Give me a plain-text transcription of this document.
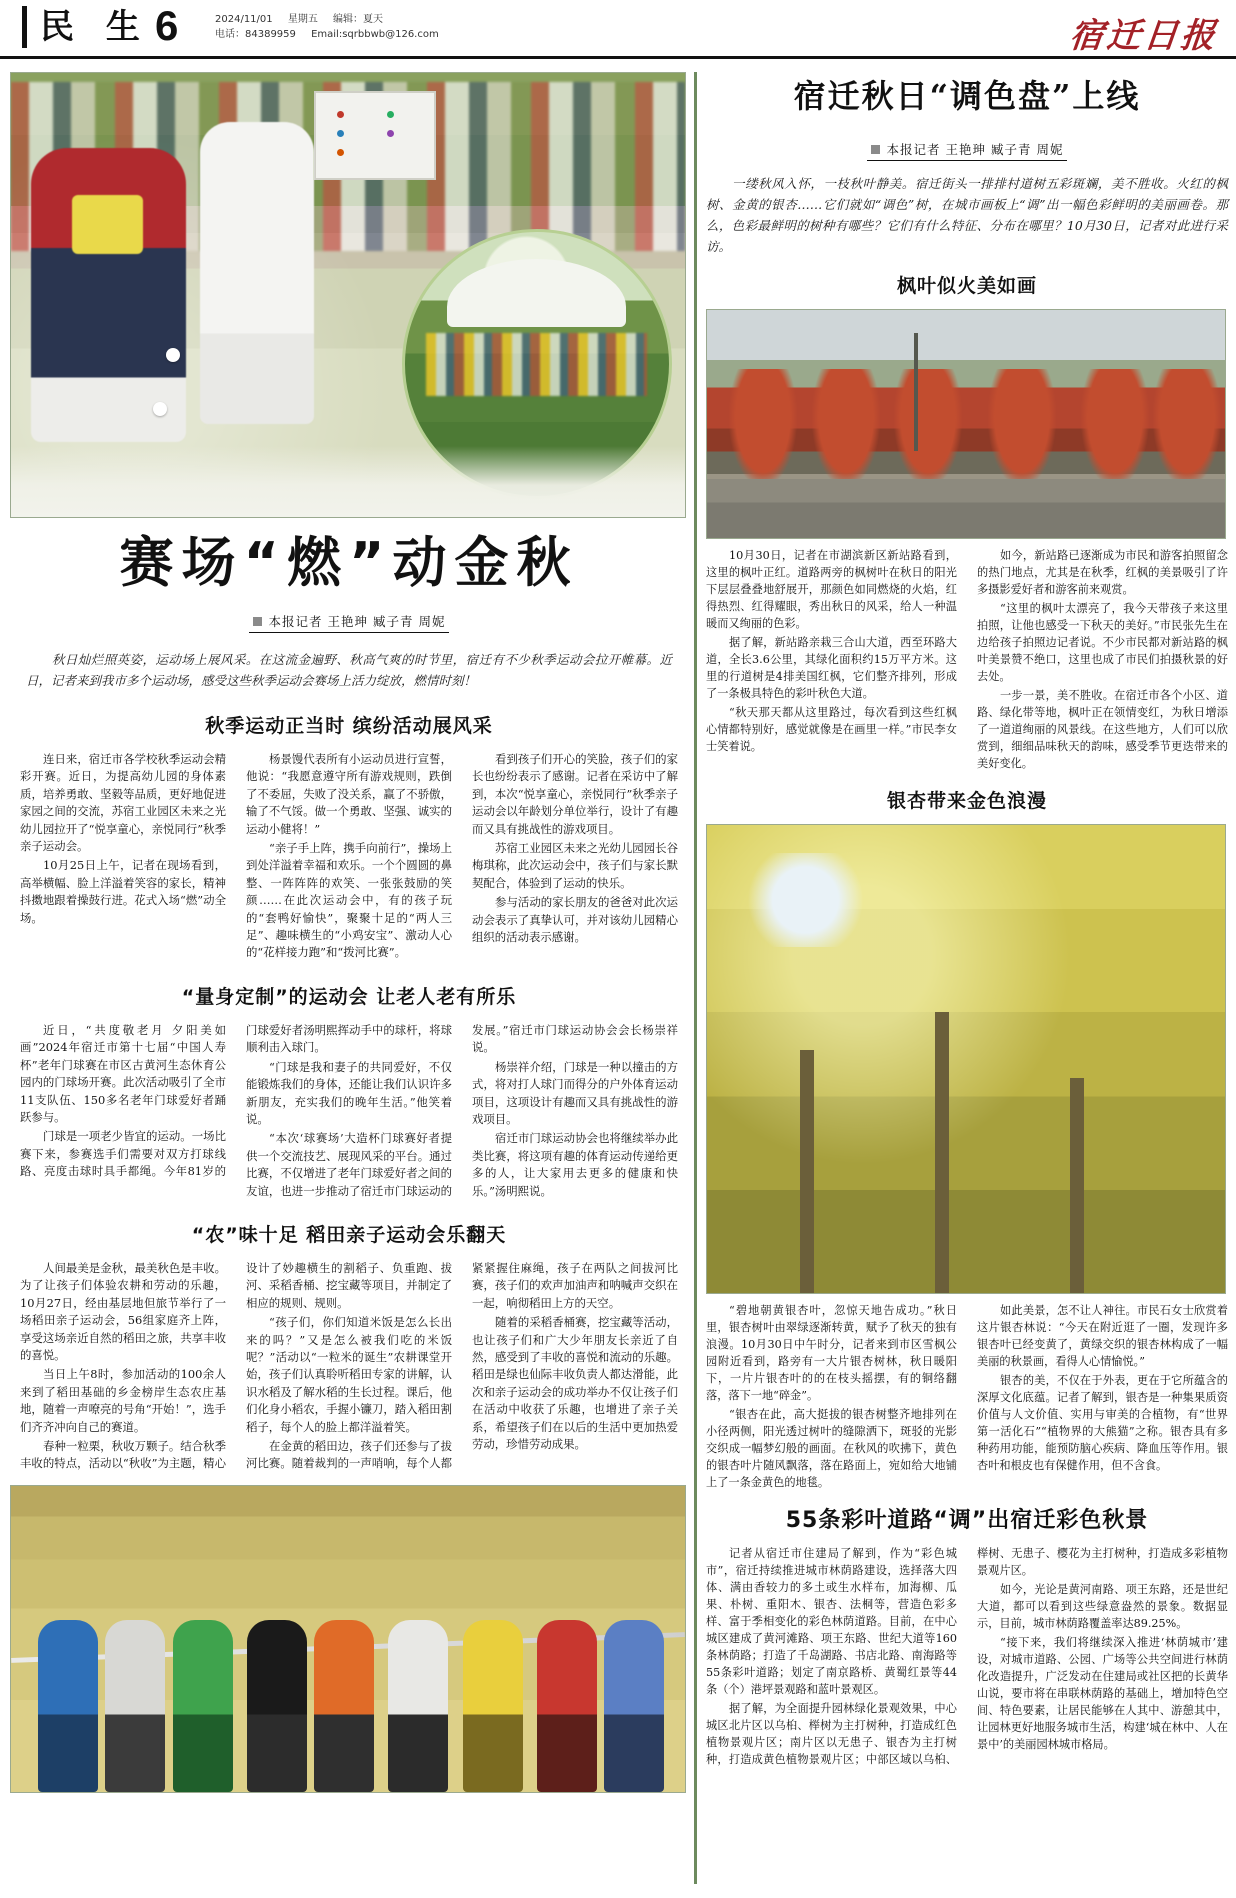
民 生 6	2024/11/01 星期五 编辑：夏天
电话：84389959 Email:sqrbbwb@126.com	宿迁日报
赛场“燃”动金秋
本报记者 王艳珅 臧子青 周妮
秋日灿烂照英姿，运动场上展风采。在这流金遍野、秋高气爽的时节里，宿迁有不少秋季运动会拉开帷幕。近日，记者来到我市多个运动场，感受这些秋季运动会赛场上活力绽放，燃情时刻！
秋季运动正当时 缤纷活动展风采

连日来，宿迁市各学校秋季运动会精彩开赛。近日，为提高幼儿园的身体素质，培养勇敢、坚毅等品质，更好地促进家园之间的交流，苏宿工业园区未来之光幼儿园拉开了“悦享童心，亲悦同行”秋季亲子运动会。

10月25日上午，记者在现场看到，高举横幅、脸上洋溢着笑容的家长，精神抖擞地跟着操鼓行进。花式入场“燃”动全场。

杨景馒代表所有小运动员进行宣誓，他说：“我愿意遵守所有游戏规则，跌倒了不委屈，失败了没关系，赢了不骄傲，输了不气馁。做一个勇敢、坚强、诚实的运动小健将！”

“亲子手上阵，携手向前行”，操场上到处洋溢着幸福和欢乐。一个个圆圆的鼻整、一阵阵阵的欢笑、一张张鼓励的笑颜……在此次运动会中，有的孩子玩的“套鸭好愉快”，聚聚十足的“两人三足”、趣味横生的“小鸡安宝”、激动人心的“花样接力跑”和“拨河比赛”。

看到孩子们开心的笑脸，孩子们的家长也纷纷表示了感谢。记者在采访中了解到，本次“悦享童心，亲悦同行”秋季亲子运动会以年龄划分单位举行，设计了有趣而又具有挑战性的游戏项目。

苏宿工业园区未来之光幼儿园园长谷梅琪称，此次运动会中，孩子们与家长默契配合，体验到了运动的快乐。

参与活动的家长朋友的爸爸对此次运动会表示了真挚认可，并对该幼儿园精心组织的活动表示感谢。

“量身定制”的运动会 让老人老有所乐

近日，“共度敬老月 夕阳美如画”2024年宿迁市第十七届“中国人寿杯”老年门球赛在市区古黄河生态休育公园内的门球场开赛。此次活动吸引了全市11支队伍、150多名老年门球爱好者踊跃参与。

门球是一项老少皆宜的运动。一场比赛下来，参赛选手们需要对双方打球线路、亮度击球时具手都绳。今年81岁的门球爱好者汤明熙挥动手中的球杆，将球顺利击入球门。

“门球是我和妻子的共同爱好，不仅能锻炼我们的身体，还能让我们认识许多新朋友，充实我们的晚年生活。”他笑着说。

“本次‘球赛场’大造杯门球赛好者提供一个交流技艺、展现风采的平台。通过比赛，不仅增进了老年门球爱好者之间的友谊，也进一步推动了宿迁市门球运动的发展。”宿迁市门球运动协会会长杨崇祥说。

杨崇祥介绍，门球是一种以撞击的方式，将对打人球门而得分的户外体育运动项目，这项设计有趣而又具有挑战性的游戏项目。

宿迁市门球运动协会也将继续举办此类比赛，将这项有趣的体育运动传递给更多的人，让大家用去更多的健康和快乐。”汤明熙说。

“农”味十足 稻田亲子运动会乐翻天

人间最美是金秋，最美秋色是丰收。为了让孩子们体验农耕和劳动的乐趣，10月27日，经由基层地但旅节举行了一场稻田亲子运动会，56组家庭齐上阵，享受这场亲近自然的稻田之旅，共享丰收的喜悦。

当日上午8时，参加活动的100余人来到了稻田基础的乡金榜岸生态农庄基地，随着一声嘹亮的号角“开始！”，选手们齐齐冲向自己的赛道。

春种一粒栗，秋收万颗子。结合秋季丰收的特点，活动以“秋收”为主题，精心设计了妙趣横生的割稻子、负重跑、拔河、采稻香桶、挖宝藏等项目，并制定了相应的规则、规则。

“孩子们，你们知道米饭是怎么长出来的吗？”又是怎么被我们吃的米饭呢？”活动以“一粒米的诞生”农耕课堂开始，孩子们认真聆听稻田专家的讲解，认识水稻及了解水稻的生长过程。课后，他们化身小稻农，手握小镰刀，踏入稻田割稻子，每个人的脸上都洋溢着笑。

在金黄的稻田边，孩子们还参与了拔河比赛。随着裁判的一声哨响，每个人都紧紧握住麻绳，孩子在两队之间拔河比赛，孩子们的欢声加油声和呐喊声交织在一起，响彻稻田上方的天空。

随着的采稻香桶赛，挖宝藏等活动，也让孩子们和广大少年朋友长亲近了自然，感受到了丰收的喜悦和流动的乐趣。稻田是绿也仙际丰收负责人都达滑能，此次和亲子运动会的成功举办不仅让孩子们在活动中收获了乐趣，也增进了亲子关系，希望孩子们在以后的生活中更加热爱劳动，珍惜劳动成果。

宿迁秋日“调色盘”上线
本报记者 王艳珅 臧子青 周妮
一缕秋风入怀，一枝秋叶静美。宿迁街头一排排村道树五彩斑斓，美不胜收。火红的枫树、金黄的银杏……它们就如“调色”树，在城市画板上“调”出一幅色彩鲜明的美丽画卷。那么，色彩最鲜明的树种有哪些？它们有什么特征、分布在哪里？10月30日，记者对此进行采访。
枫叶似火美如画

10月30日，记者在市湖滨新区新站路看到，这里的枫叶正红。道路两旁的枫树叶在秋日的阳光下层层叠叠地舒展开，那颜色如同燃烧的火焰，红得热烈、红得耀眼，秀出秋日的风采，给人一种温暖而又绚丽的色彩。

据了解，新站路亲栽三合山大道，西至环路大道，全长3.6公里，其绿化面积约15万平方米。这里的行道树是4排美国红枫，它们整齐排列，形成了一条极具特色的彩叶秋色大道。

“秋天那天都从这里路过，每次看到这些红枫心情都特别好，感觉就像是在画里一样。”市民李女士笑着说。

如今，新站路已逐渐成为市民和游客拍照留念的热门地点，尤其是在秋季，红枫的美景吸引了许多摄影爱好者和游客前来观赏。

“这里的枫叶太漂亮了，我今天带孩子来这里拍照，让他也感受一下秋天的美好。”市民张先生在边给孩子拍照边记者说。不少市民都对新站路的枫叶美景赞不绝口，这里也成了市民们拍摄秋景的好去处。

一步一景，美不胜收。在宿迁市各个小区、道路、绿化带等地，枫叶正在领情变红，为秋日增添了一道道绚丽的风景线。在这些地方，人们可以欣赏到，细细品味秋天的韵味，感受季节更迭带来的美好变化。

银杏带来金色浪漫

“碧地朝黄银杏叶，忽惊天地告成功。”秋日里，银杏树叶由翠绿逐渐转黄，赋予了秋天的独有浪漫。10月30日中午时分，记者来到市区雪枫公园附近看到，路旁有一大片银杏树林，秋日暖阳下，一片片银杏叶的的在枝头摇摆，有的铜络翻落，落下一地“碎金”。

“银杏在此，高大挺拔的银杏树整齐地排列在小径两侧，阳光透过树叶的缝隙洒下，斑驳的光影交织成一幅梦幻般的画面。在秋风的吹拂下，黄色的银杏叶片随风飘落，落在路面上，宛如给大地铺上了一条金黄色的地毯。

如此美景，怎不让人神往。市民石女士欣赏着这片银杏林说：“今天在附近逛了一圈，发现许多银杏叶已经变黄了，黄绿交织的银杏林构成了一幅美丽的秋景画，看得人心情愉悦。”

银杏的美，不仅在于外表，更在于它所蕴含的深厚文化底蕴。记者了解到，银杏是一种集果质资价值与人文价值、实用与审美的合植物，有“世界第一活化石”“植物界的大熊猫”之称。银杏具有多种药用功能，能预防脑心疾病、降血压等作用。银杏叶和根皮也有保健作用，但不含食。

55条彩叶道路“调”出宿迁彩色秋景

记者从宿迁市住建局了解到，作为“彩色城市”，宿迁持续推进城市林荫路建设，选择落大四体、满由香较力的多土或生水样布，加海柳、瓜果、朴树、重阳木、银杏、法桐等，营造色彩多样、富于季相变化的彩色林荫道路。目前，在中心城区建成了黄河滩路、项王东路、世纪大道等160条林荫路；打造了千岛湖路、书店北路、南海路等55条彩叶道路；划定了南京路桥、黄蜀红景等44条（个）港坪景观路和蓝叶景观区。

据了解，为全面提升园林绿化景观效果，中心城区北片区以乌桕、榉树为主打树种，打造成红色植物景观片区；南片区以无患子、银杏为主打树种，打造成黄色植物景观片区；中部区域以乌桕、榉树、无患子、樱花为主打树种，打造成多彩植物景观片区。

如今，光论是黄河南路、项王东路，还是世纪大道，都可以看到这些绿意盎然的景象。数据显示，目前，城市林荫路覆盖率达89.25%。

“接下来，我们将继续深入推进‘林荫城市’建设，对城市道路、公园、广场等公共空间进行林荫化改造提升，广泛发动在住建局或社区把的长黄华山说，要市将在串联林荫路的基础上，增加特色空间、特色要素，让居民能够在人其中、游憩其中，让园林更好地服务城市生活，构建‘城在林中、人在景中’的美丽园林城市格局。
